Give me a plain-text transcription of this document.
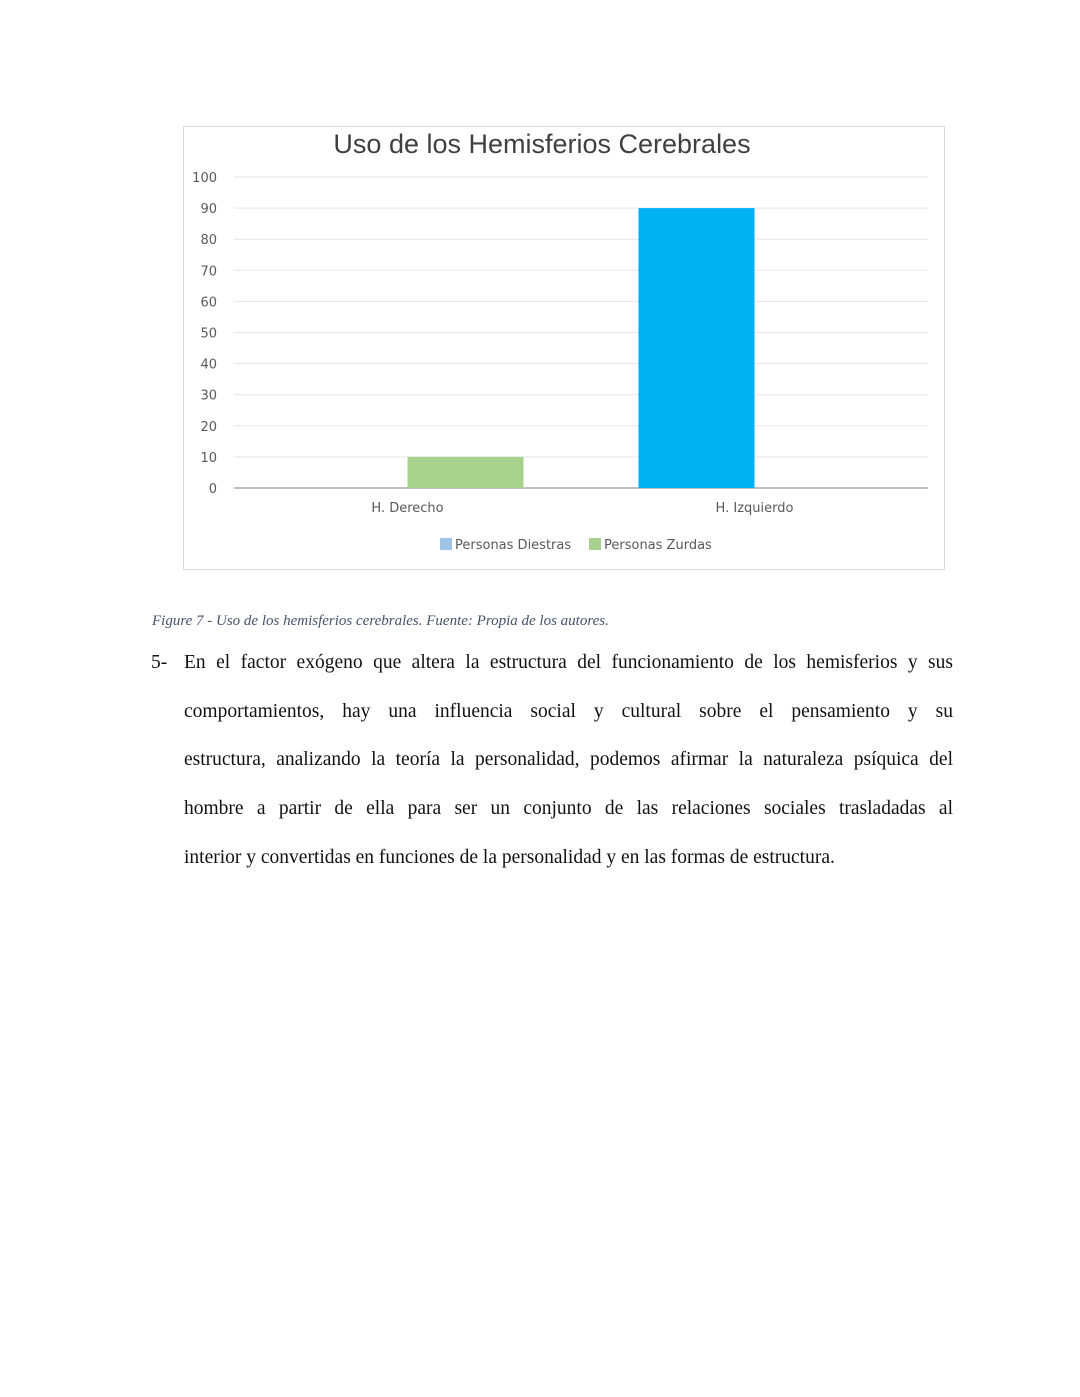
Uso de los Hemisferios Cerebrales
0
10
20
30
40
50
60
70
80
90
100
H. Derecho	H. Izquierdo
Personas Diestras	Personas Zurdas
Figure 7 - Uso de los hemisferios cerebrales. Fuente: Propia de los autores.
5- En el factor exógeno que altera la estructura del funcionamiento de los hemisferios y sus
comportamientos, hay una influencia social y cultural sobre el pensamiento y su
estructura, analizando la teoría la personalidad, podemos afirmar la naturaleza psíquica del
hombre a partir de ella para ser un conjunto de las relaciones sociales trasladadas al
interior y convertidas en funciones de la personalidad y en las formas de estructura.
